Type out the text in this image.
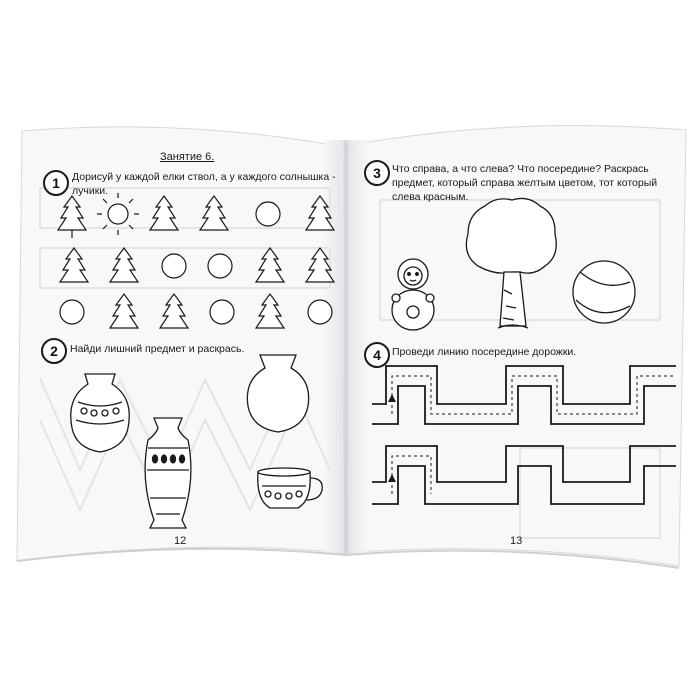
1
2
3
4
Занятие 6.
Дорисуй у каждой елки ствол, а у каждого солнышка -
лучики.
Найди лишний предмет и раскрась.
12
Что справа, а что слева? Что посередине? Раскрась
предмет, который справа желтым цветом, тот который
слева красным.
Проведи линию посередине дорожки.
13
